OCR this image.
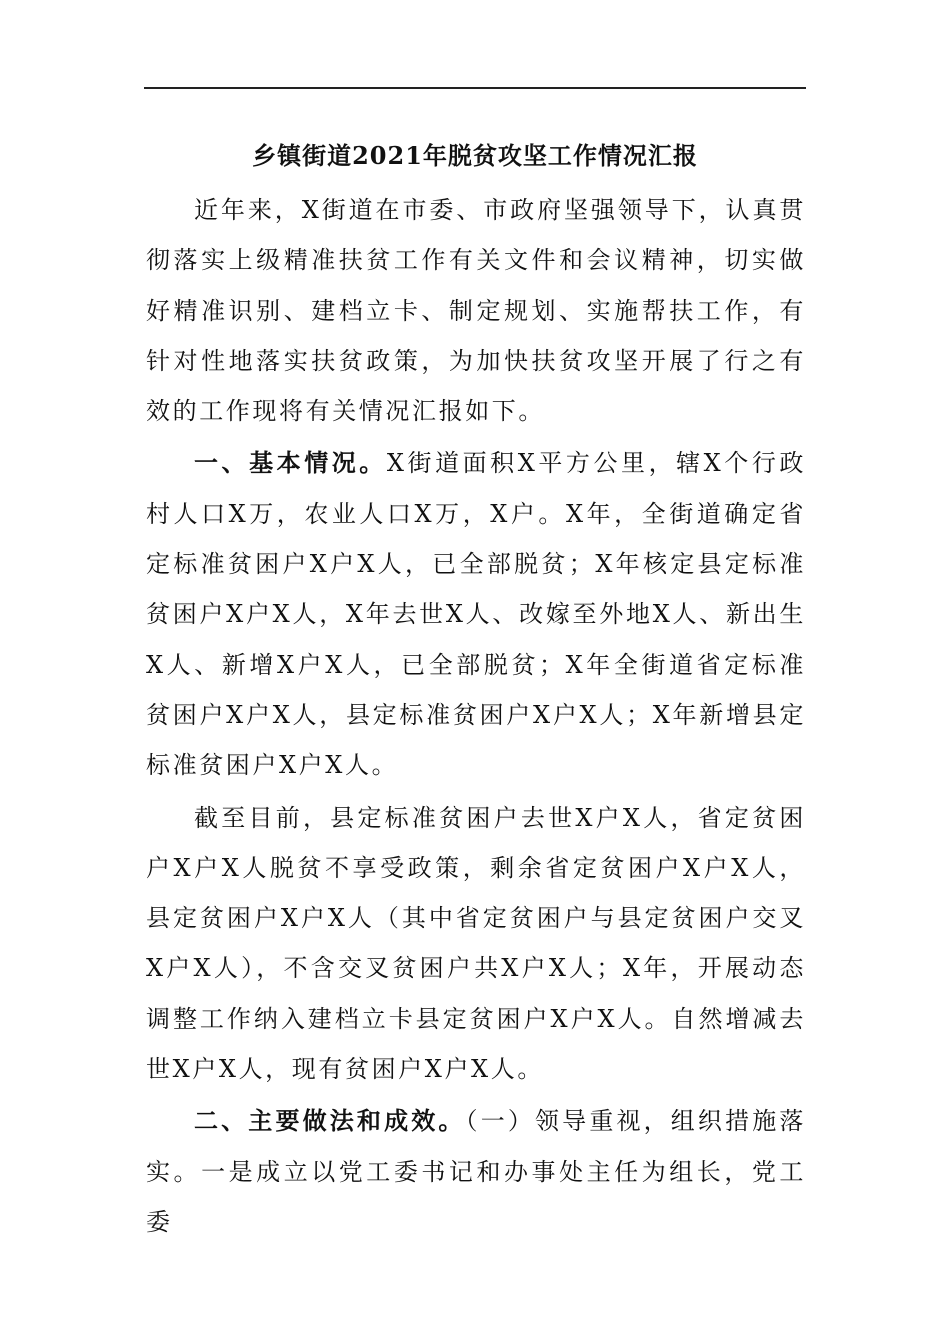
乡镇街道2021年脱贫攻坚工作情况汇报

近年来，X街道在市委、市政府坚强领导下，认真贯彻落实上级精准扶贫工作有关文件和会议精神，切实做好精准识别、建档立卡、制定规划、实施帮扶工作，有针对性地落实扶贫政策，为加快扶贫攻坚开展了行之有效的工作现将有关情况汇报如下。

一、基本情况。X街道面积X平方公里，辖X个行政村人口X万，农业人口X万，X户。X年，全街道确定省定标准贫困户X户X人，已全部脱贫；X年核定县定标准贫困户X户X人，X年去世X人、改嫁至外地X人、新出生X人、新增X户X人，已全部脱贫；X年全街道省定标准贫困户X户X人，县定标准贫困户X户X人；X年新增县定标准贫困户X户X人。

截至目前，县定标准贫困户去世X户X人，省定贫困户X户X人脱贫不享受政策，剩余省定贫困户X户X人，县定贫困户X户X人（其中省定贫困户与县定贫困户交叉X户X人），不含交叉贫困户共X户X人；X年，开展动态调整工作纳入建档立卡县定贫困户X户X人。自然增减去世X户X人，现有贫困户X户X人。

二、主要做法和成效。（一）领导重视，组织措施落实。一是成立以党工委书记和办事处主任为组长，党工委
